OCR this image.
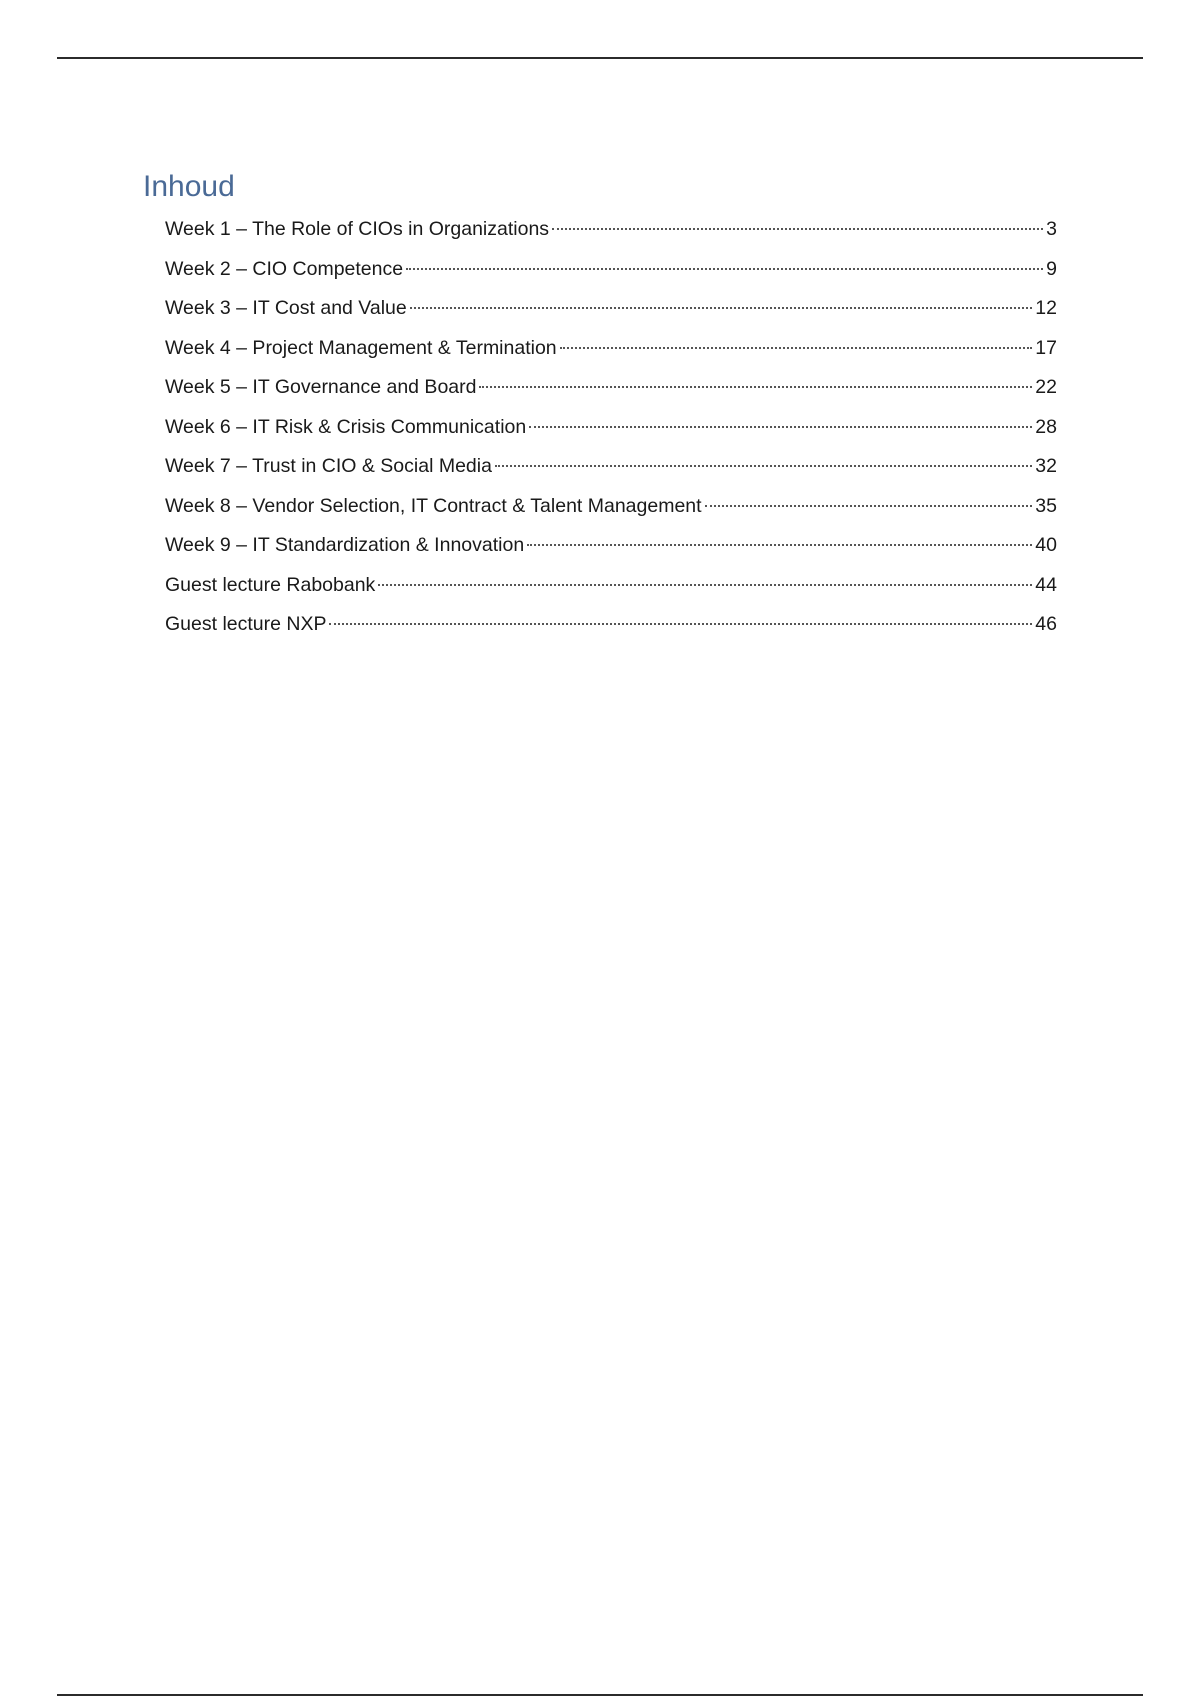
Inhoud
Week 1 – The Role of CIOs in Organizations	3
Week 2 – CIO Competence	9
Week 3 – IT Cost and Value	12
Week 4 – Project Management & Termination	17
Week 5 – IT Governance and Board	22
Week 6 – IT Risk & Crisis Communication	28
Week 7 – Trust in CIO & Social Media	32
Week 8 – Vendor Selection, IT Contract & Talent Management	35
Week 9 – IT Standardization & Innovation	40
Guest lecture Rabobank	44
Guest lecture NXP	46
